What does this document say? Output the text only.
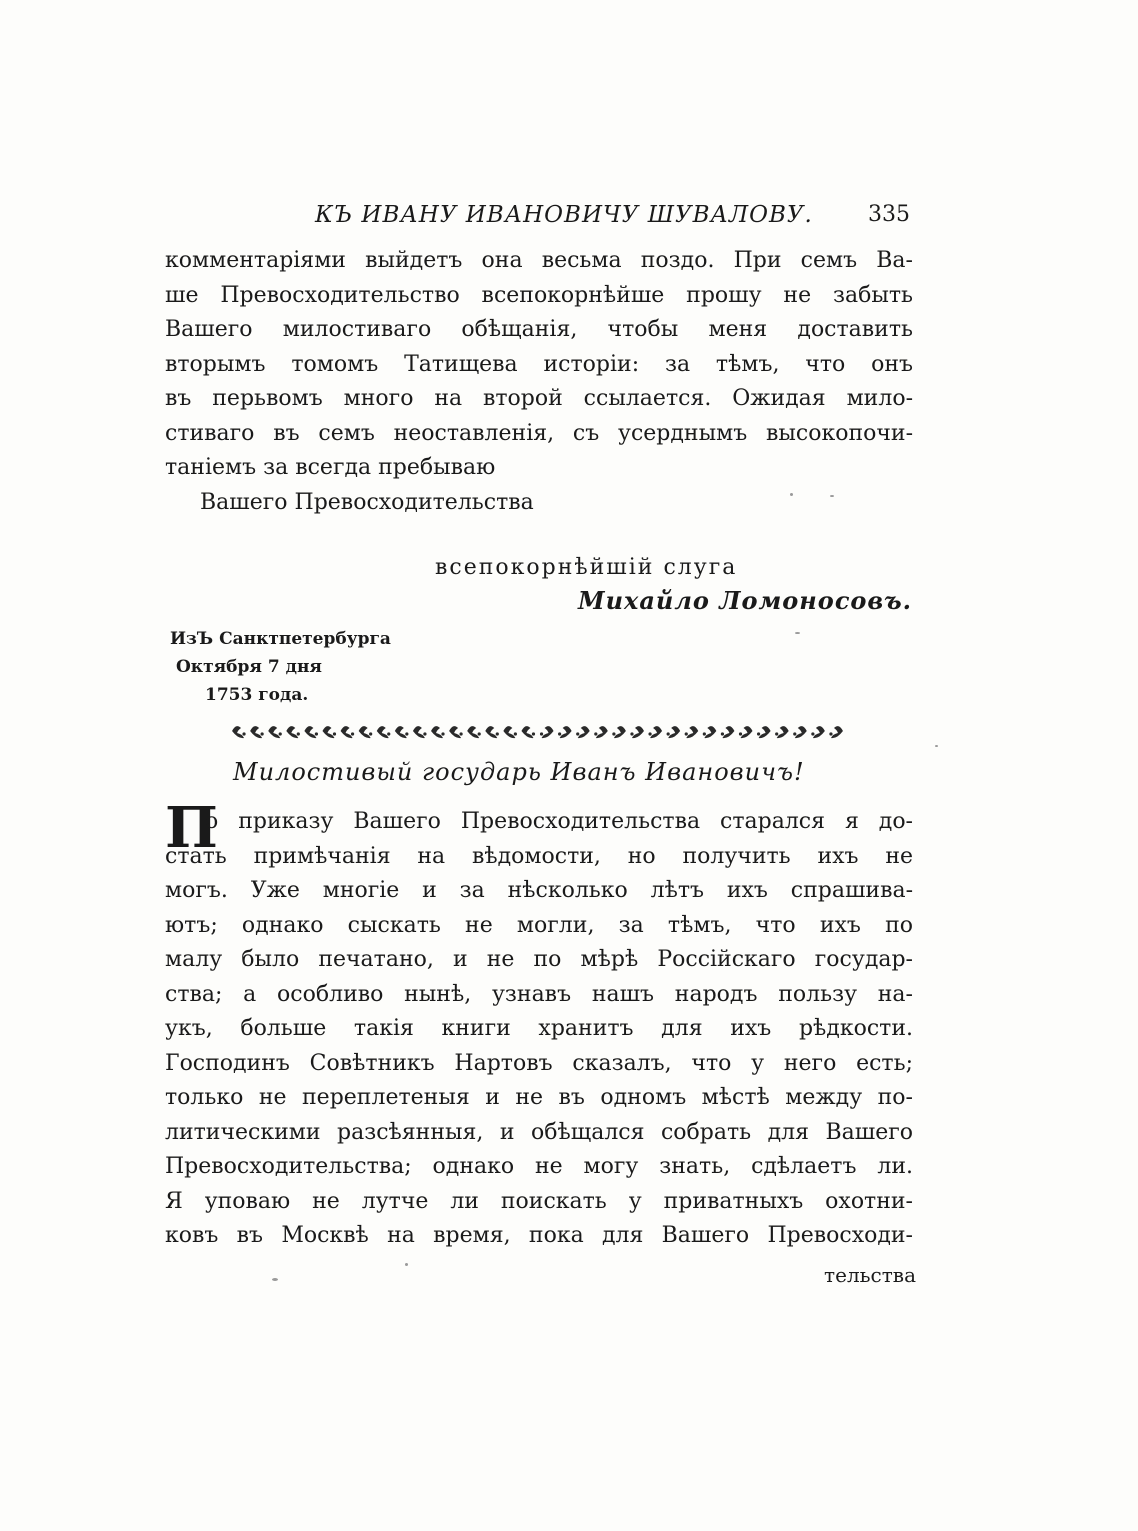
КЪ ИВАНУ ИВАНОВИЧУ ШУВАЛОВУ.	335
комментаріями выйдетъ она весьма поздо. При семъ Ва-
ше Превосходительство всепокорнѣйше прошу не забыть
Вашего милостиваго обѣщанія, чтобы меня доставить
вторымъ томомъ Татищева исторіи: за тѣмъ, что онъ
въ перьвомъ много на второй ссылается. Ожидая мило-
стиваго въ семъ неоставленія, съ усерднымъ высокопочи-
таніемъ за всегда пребываю
Вашего Превосходительства
всепокорнѣйшій слуга
Михайло Ломоносовъ.
ИзЪ Санктпетербурга
Октября 7 дня
1753 года.
Милостивый государь Иванъ Ивановичъ!
П
о приказу Вашего Превосходительства старался я до-
стать примѣчанія на вѣдомости, но получить ихъ не
могъ. Уже многіе и за нѣсколько лѣтъ ихъ спрашива-
ютъ; однако сыскать не могли, за тѣмъ, что ихъ по
малу было печатано, и не по мѣрѣ Россійскаго государ-
ства; а особливо нынѣ, узнавъ нашъ народъ пользу на-
укъ, больше такія книги хранитъ для ихъ рѣдкости.
Господинъ Совѣтникъ Нартовъ сказалъ, что у него есть;
только не переплетеныя и не въ одномъ мѣстѣ между по-
литическими разсѣянныя, и обѣщался собрать для Вашего
Превосходительства; однако не могу знать, сдѣлаетъ ли.
Я уповаю не лутче ли поискать у приватныхъ охотни-
ковъ въ Москвѣ на время, пока для Вашего Превосходи-
тельства
